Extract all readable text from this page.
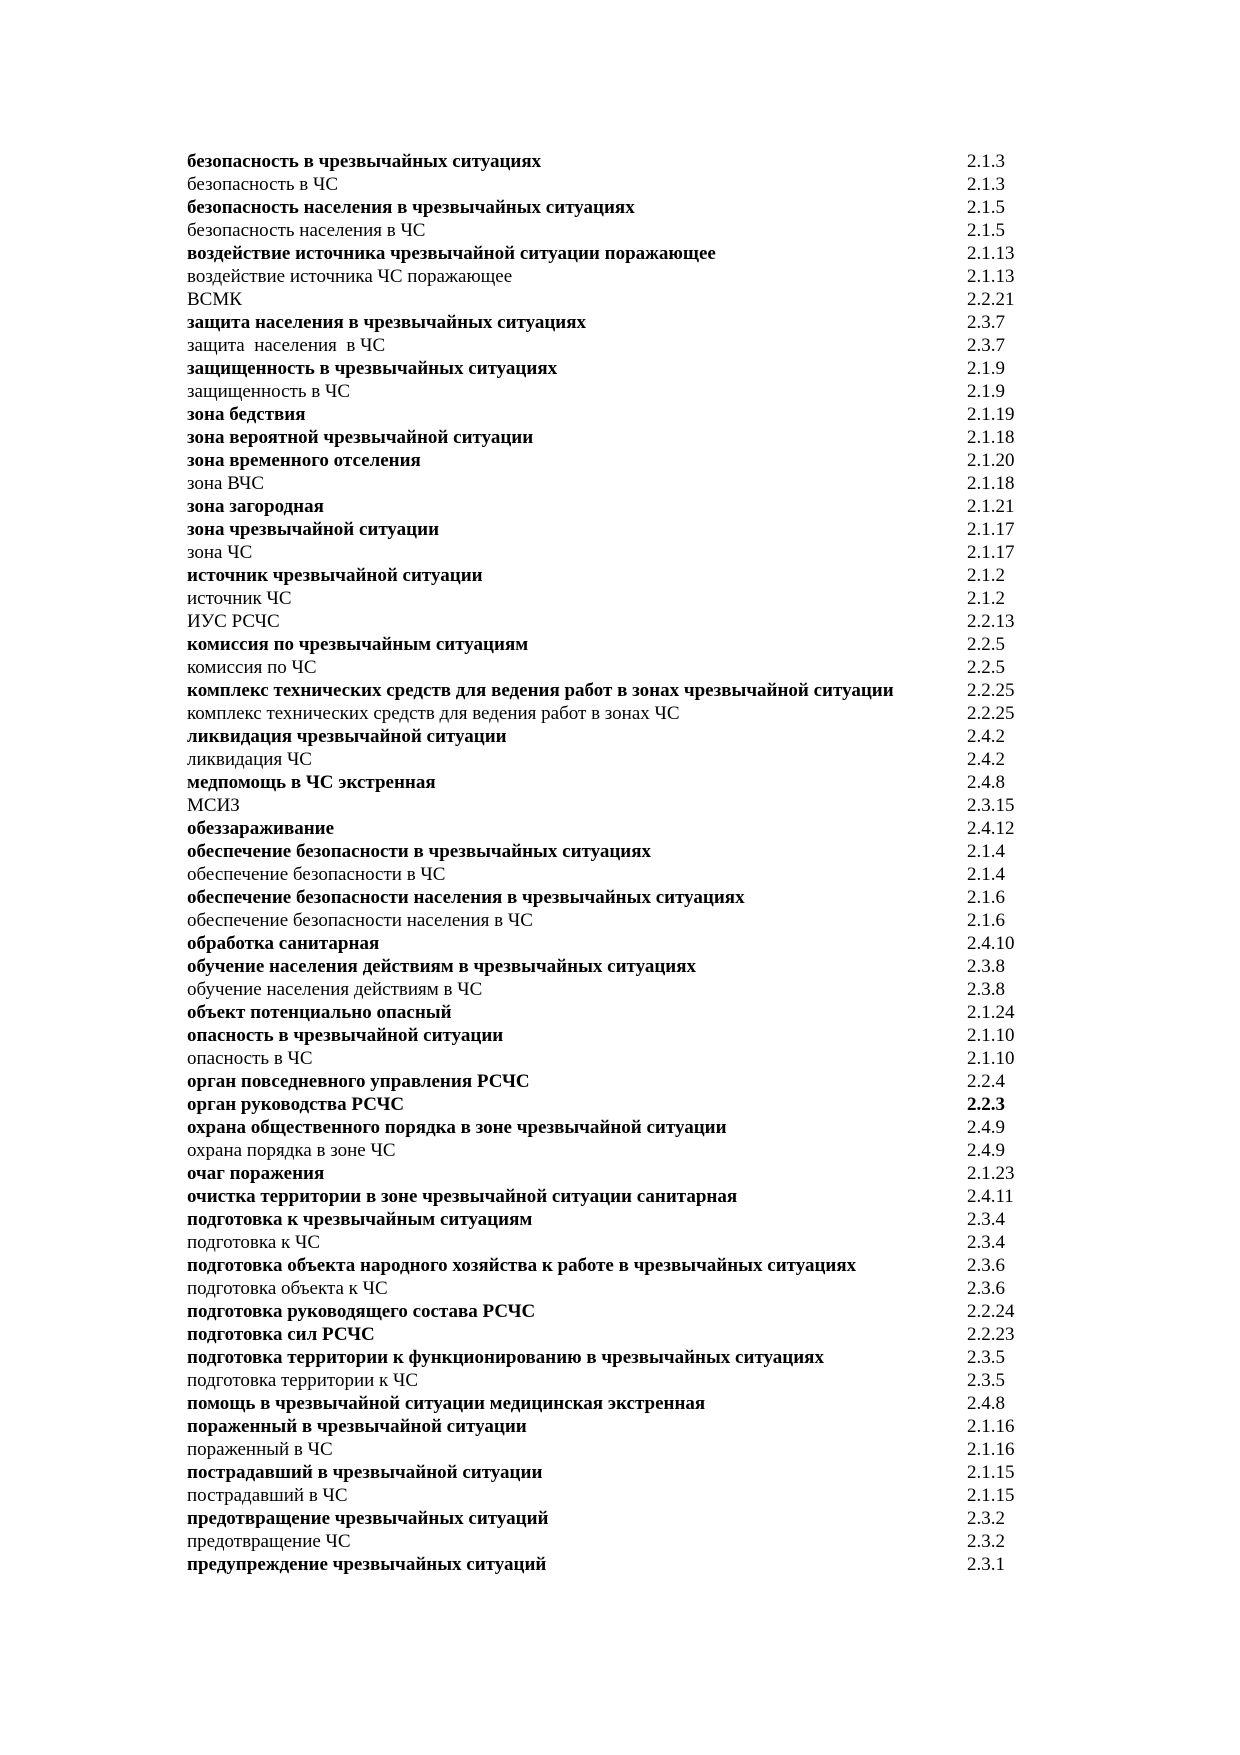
безопасность в чрезвычайных ситуациях	2.1.3
безопасность в ЧС	2.1.3
безопасность населения в чрезвычайных ситуациях	2.1.5
безопасность населения в ЧС	2.1.5
воздействие источника чрезвычайной ситуации поражающее	2.1.13
воздействие источника ЧС поражающее	2.1.13
ВСМК	2.2.21
защита населения в чрезвычайных ситуациях	2.3.7
защита  населения  в ЧС	2.3.7
защищенность в чрезвычайных ситуациях	2.1.9
защищенность в ЧС	2.1.9
зона бедствия	2.1.19
зона вероятной чрезвычайной ситуации	2.1.18
зона временного отселения	2.1.20
зона ВЧС	2.1.18
зона загородная	2.1.21
зона чрезвычайной ситуации	2.1.17
зона ЧС	2.1.17
источник чрезвычайной ситуации	2.1.2
источник ЧС	2.1.2
ИУС РСЧС	2.2.13
комиссия по чрезвычайным ситуациям	2.2.5
комиссия по ЧС	2.2.5
комплекс технических средств для ведения работ в зонах чрезвычайной ситуации	2.2.25
комплекс технических средств для ведения работ в зонах ЧС	2.2.25
ликвидация чрезвычайной ситуации	2.4.2
ликвидация ЧС	2.4.2
медпомощь в ЧС экстренная	2.4.8
МСИЗ	2.3.15
обеззараживание	2.4.12
обеспечение безопасности в чрезвычайных ситуациях	2.1.4
обеспечение безопасности в ЧС	2.1.4
обеспечение безопасности населения в чрезвычайных ситуациях	2.1.6
обеспечение безопасности населения в ЧС	2.1.6
обработка санитарная	2.4.10
обучение населения действиям в чрезвычайных ситуациях	2.3.8
обучение населения действиям в ЧС	2.3.8
объект потенциально опасный	2.1.24
опасность в чрезвычайной ситуации	2.1.10
опасность в ЧС	2.1.10
орган повседневного управления РСЧС	2.2.4
орган руководства РСЧС	2.2.3
охрана общественного порядка в зоне чрезвычайной ситуации	2.4.9
охрана порядка в зоне ЧС	2.4.9
очаг поражения	2.1.23
очистка территории в зоне чрезвычайной ситуации санитарная	2.4.11
подготовка к чрезвычайным ситуациям	2.3.4
подготовка к ЧС	2.3.4
подготовка объекта народного хозяйства к работе в чрезвычайных ситуациях	2.3.6
подготовка объекта к ЧС	2.3.6
подготовка руководящего состава РСЧС	2.2.24
подготовка сил РСЧС	2.2.23
подготовка территории к функционированию в чрезвычайных ситуациях	2.3.5
подготовка территории к ЧС	2.3.5
помощь в чрезвычайной ситуации медицинская экстренная	2.4.8
пораженный в чрезвычайной ситуации	2.1.16
пораженный в ЧС	2.1.16
пострадавший в чрезвычайной ситуации	2.1.15
пострадавший в ЧС	2.1.15
предотвращение чрезвычайных ситуаций	2.3.2
предотвращение ЧС	2.3.2
предупреждение чрезвычайных ситуаций	2.3.1
